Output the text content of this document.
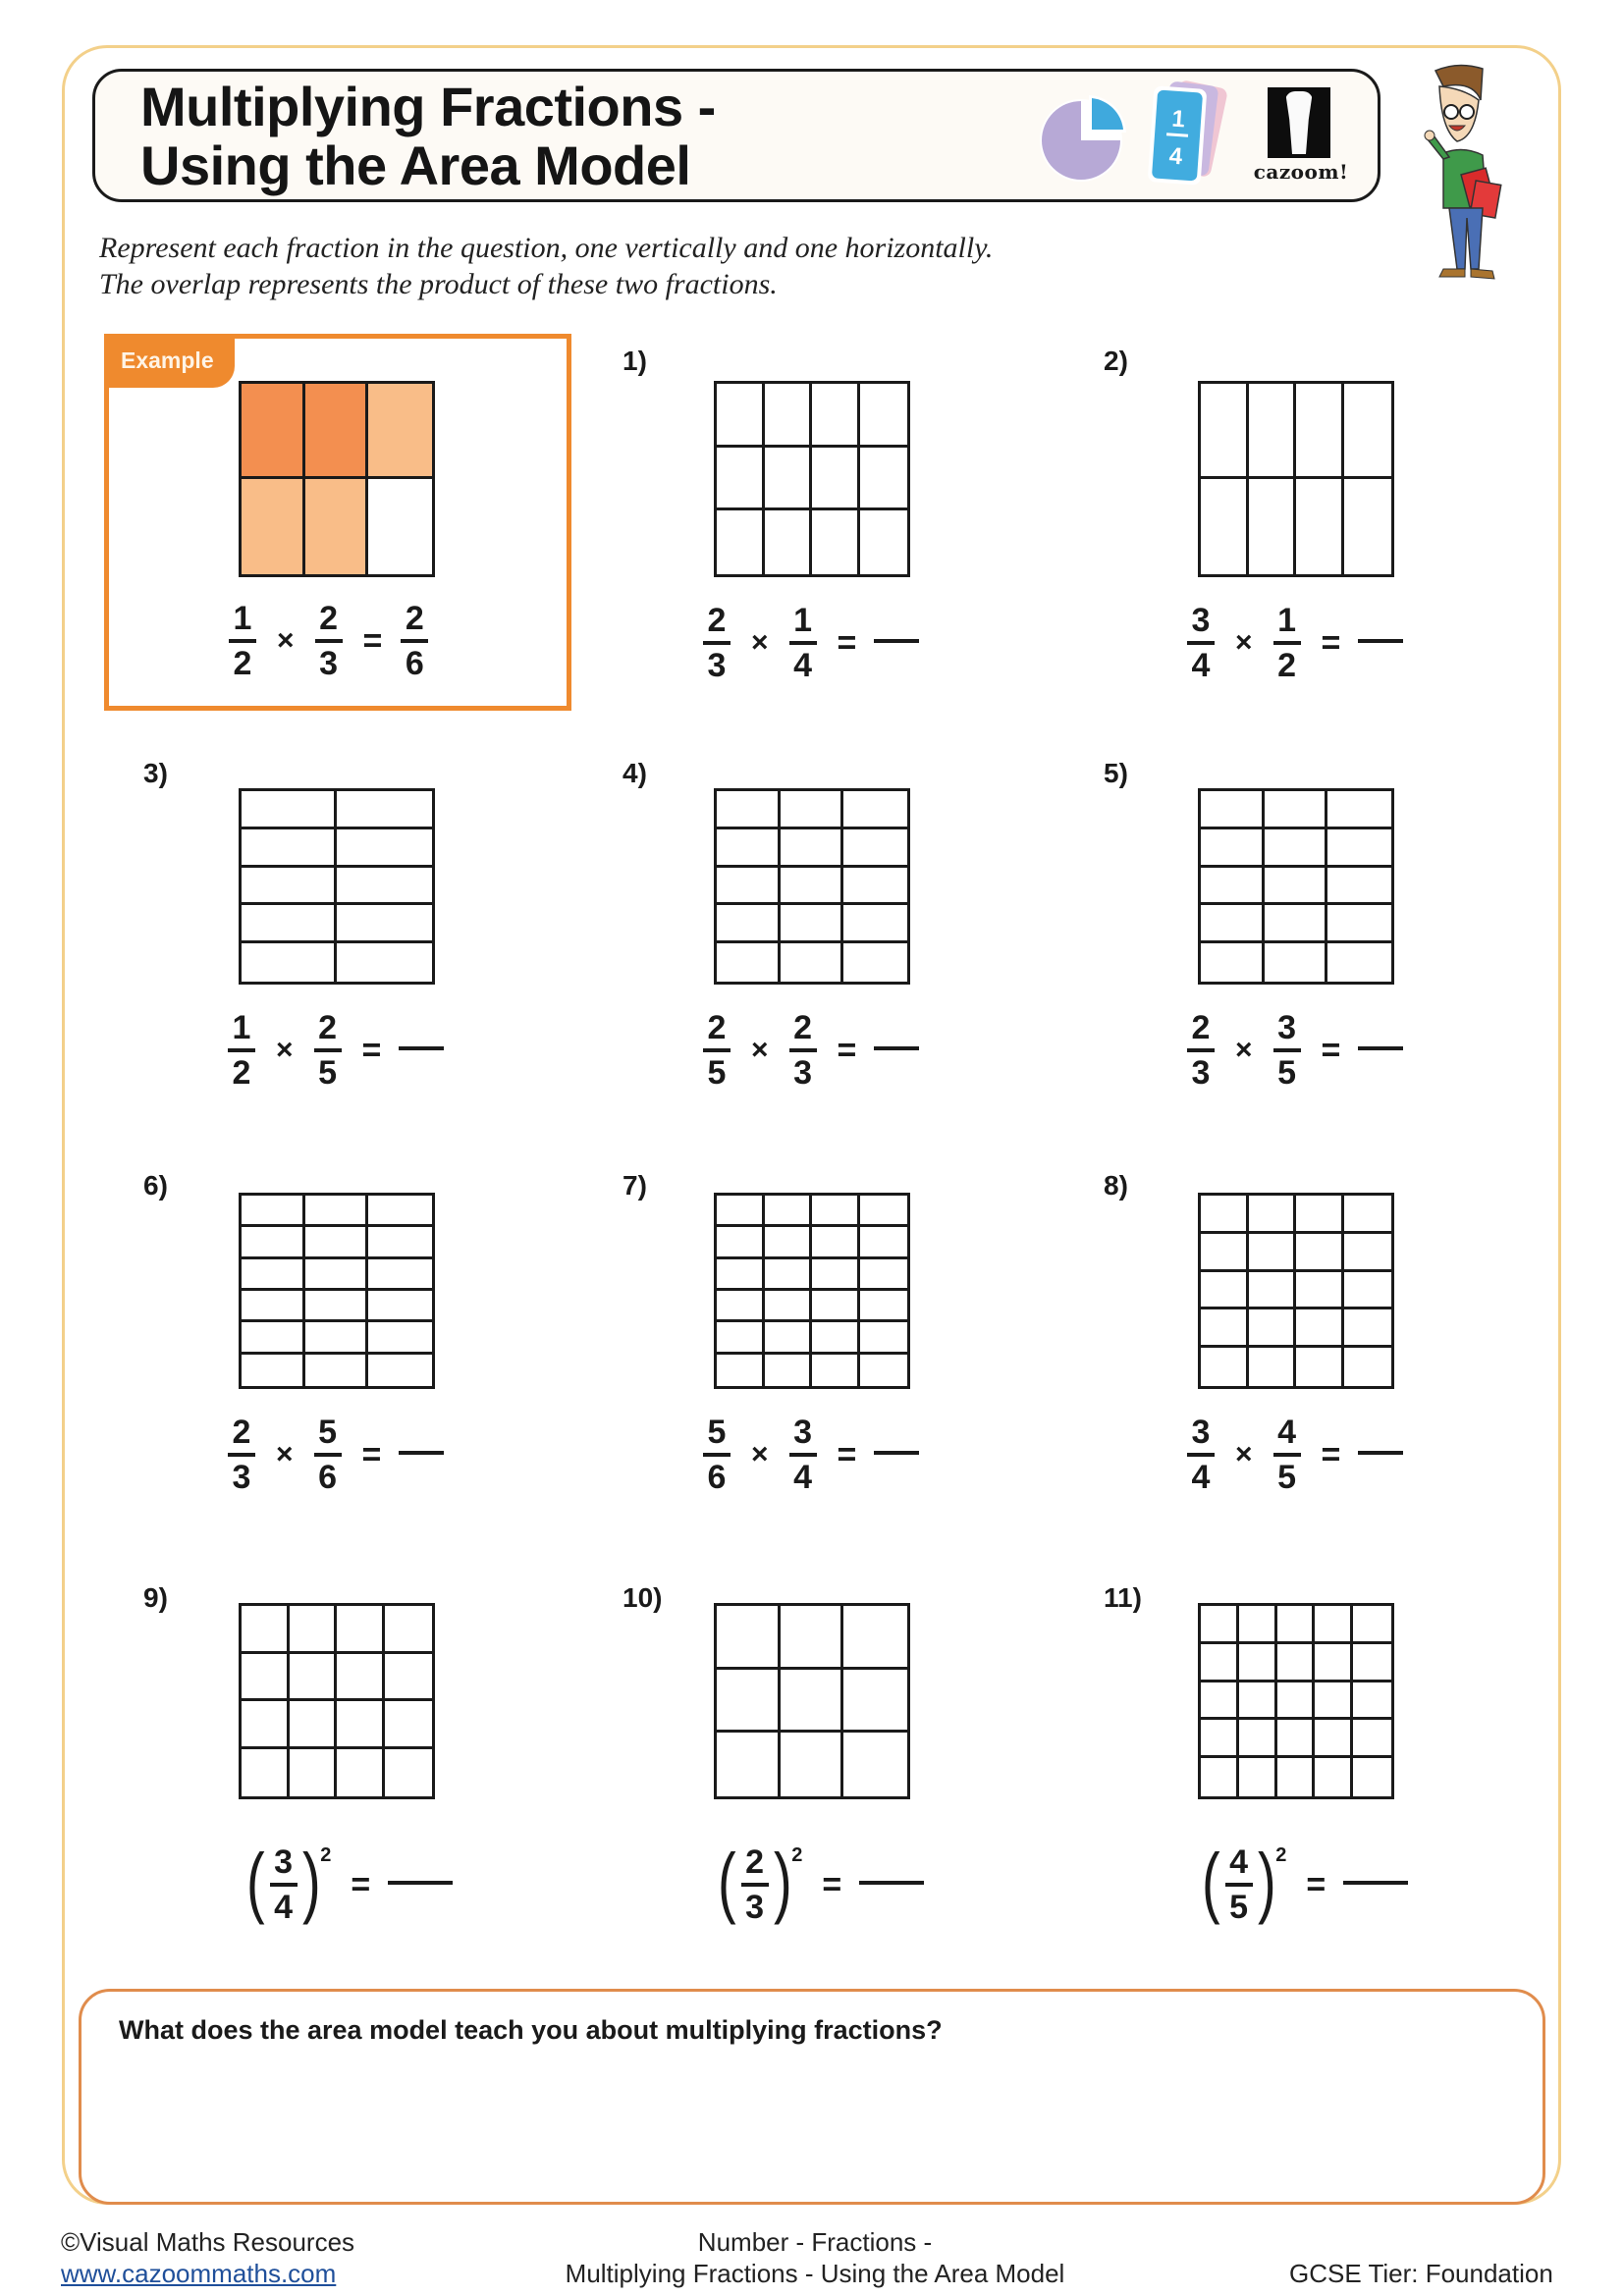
Multiplying Fractions -
Using the Area Model
1
4
cazoom!
Represent each fraction in the question, one vertically and one horizontally.
The overlap represents the product of these two fractions.
Example
$\frac{1}{2} \times \frac{2}{3} = \frac{2}{6}$
1)
$\frac{2}{3} \times \frac{1}{4}$ =
2)
$\frac{3}{4} \times \frac{1}{2}$ =
3)
$\frac{1}{2} \times \frac{2}{5}$ =
4)
$\frac{2}{5} \times \frac{2}{3}$ =
5)
$\frac{2}{3} \times \frac{3}{5}$ =
6)
$\frac{2}{3} \times \frac{5}{6}$ =
7)
$\frac{5}{6} \times \frac{3}{4}$ =
8)
$\frac{3}{4} \times \frac{4}{5}$ =
9)
( $\frac{3}{4}$ ) 2
=
10)
( $\frac{2}{3}$ ) 2
=
11)
( $\frac{4}{5}$ ) 2
=
What does the area model teach you about multiplying fractions?
©Visual Maths Resources
www.cazoommaths.com
Number - Fractions -
Multiplying Fractions - Using the Area Model	GCSE Tier: Foundation
